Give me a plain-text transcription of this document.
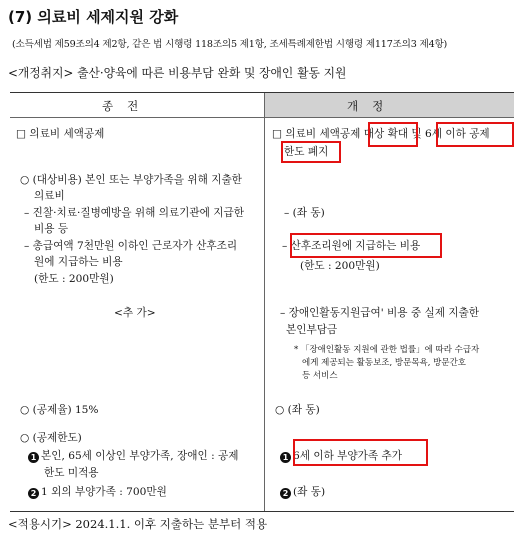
(7) 의료비 세제지원 강화
(소득세법 제59조의4 제2항, 같은 법 시행령 118조의5 제1항, 조세특례제한법 시행령 제117조의3 제4항)
<개정취지> 출산·양육에 따른 비용부담 완화 및 장애인 활동 지원
종전	개정
□ 의료비 세액공제
○ (대상비용) 본인 또는 부양가족을 위해 지출한
의료비
– 진찰·치료·질병예방을 위해 의료기관에 지급한
비용 등
– 총급여액 7천만원 이하인 근로자가 산후조리
원에 지급하는 비용
(한도 : 200만원)
<추 가>
○ (공제율) 15%
○ (공제한도)
1 본인, 65세 이상인 부양가족, 장애인 : 공제
한도 미적용
2 1 외의 부양가족 : 700만원
□ 의료비 세액공제 대상 확대 및 6세 이하 공제
한도 폐지
– (좌 동)
– 산후조리원에 지급하는 비용
(한도 : 200만원)
– 장애인활동지원급여' 비용 중 실제 지출한
본인부담금
* 「장애인활동 지원에 관한 법률」에 따라 수급자
에게 제공되는 활동보조, 방문목욕, 방문간호
등 서비스
○ (좌 동)
1 6세 이하 부양가족 추가
2 (좌 동)
<적용시기> 2024.1.1. 이후 지출하는 분부터 적용
